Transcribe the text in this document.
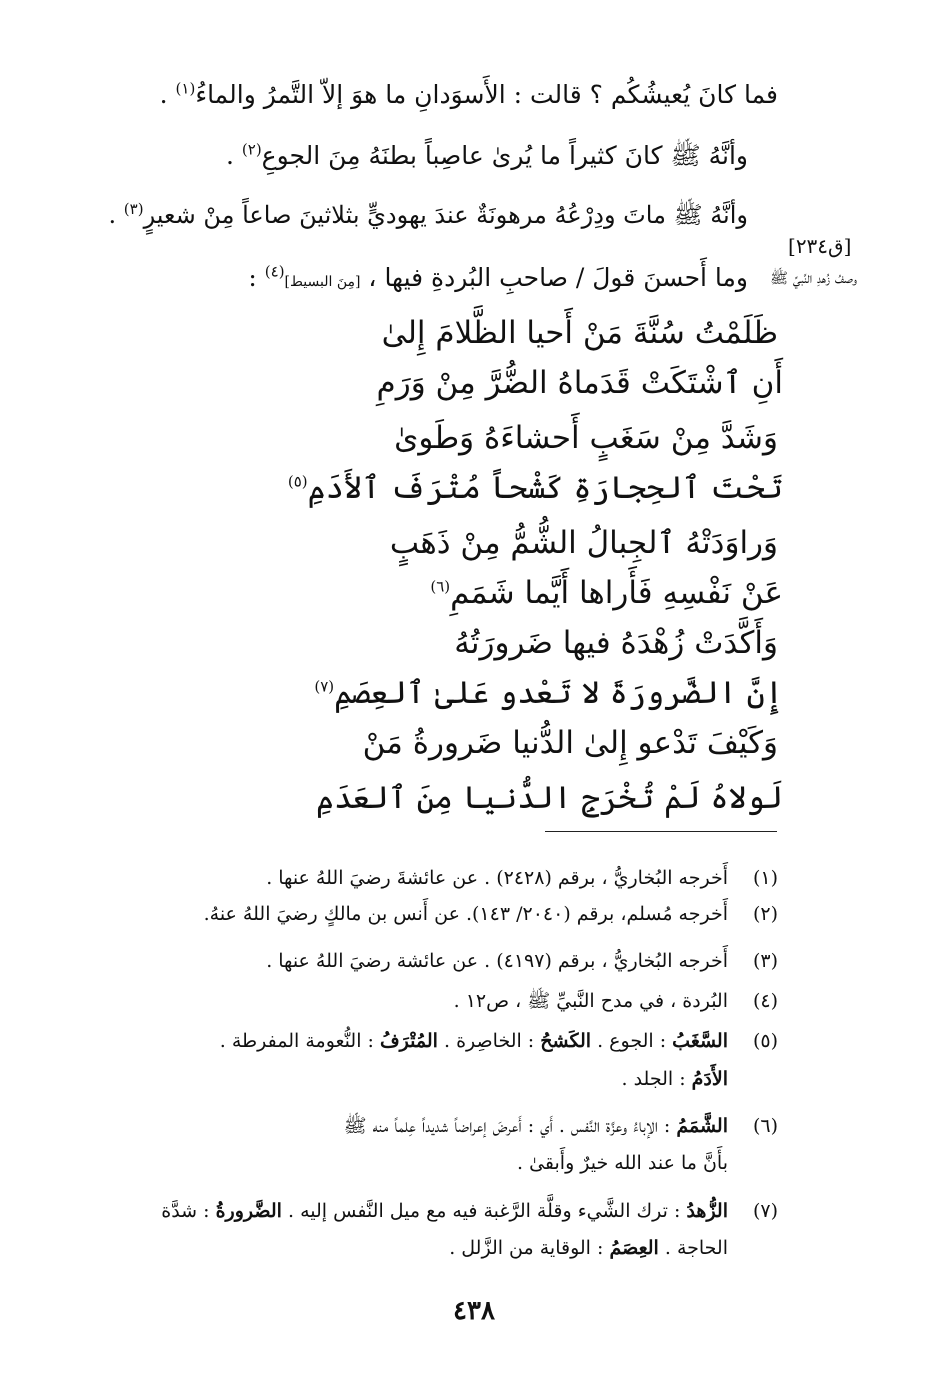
فما كانَ يُعيشُكُم ؟ قالت : الأَسوَدانِ ما هوَ إلاّ التَّمرُ والماءُ$^{(١)}$ .
وأنَّهُ ﷺ كانَ كثيراً ما يُرىٰ عاصِباً بطنَهُ مِنَ الجوعِ$^{(٢)}$ .
وأنَّهُ ﷺ ماتَ ودِرْعُهُ مرهونَةٌ عندَ يهوديٍّ بثلاثينَ صاعاً مِنْ شعيرٍ$^{(٣)}$ .
وما أَحسنَ قولَ / صاحبِ البُردةِ فيها ، [مِنَ البسيط]$^{(٤)}$ :
[ق٢٣٤]
وصفُ زُهدِ النَّبيِّ ﷺ
ظَلَمْتُ سُنَّةَ مَنْ أَحيا الظَّلامَ إِلىٰ
أَنِ ٱشْتَكَتْ قَدَماهُ الضُّرَّ مِنْ وَرَمِ
وَشَدَّ مِنْ سَغَبٍ أَحشاءَهُ وَطَوىٰ
تَحْتَ ٱلحِجارَةِ كَشْحاً مُتْرَفَ ٱلأَدَمِ$^{(٥)}$
وَراوَدَتْهُ ٱلجِبالُ الشُّمُّ مِنْ ذَهَبٍ
عَنْ نَفْسِهِ فَأَراها أَيَّما شَمَمِ$^{(٦)}$
وَأَكَّدَتْ زُهْدَهُ فيها ضَرورَتُهُ
إِنَّ الضَّرورَةَ لا تَعْدو عَلىٰ ٱلعِصَمِ$^{(٧)}$
وَكَيْفَ تَدْعو إِلىٰ الدُّنيا ضَرورةُ مَنْ
لَولاهُ لَمْ تُخْرَجِ الدُّنيا مِنَ ٱلعَدَمِ
(١)أَخرجه البُخاريُّ ، برقم (٢٤٢٨) . عن عائشةَ رضيَ اللهُ عنها .
(٢)أَخرجه مُسلم، برقم (٢٠٤٠/ ١٤٣). عن أَنس بن مالكٍ رضيَ اللهُ عنهُ.
(٣)أَخرجه البُخاريُّ ، برقم (٤١٩٧) . عن عائشة رضيَ اللهُ عنها .
(٤)البُردة ، في مدح النَّبيِّ ﷺ ، ص١٢ .
(٥)السَّغَبُ : الجوع . الكَشحُ : الخاصِرة . المُتْرَفُ : النُّعومة المفرطة .
الأَدَمُ : الجلد .
(٦)الشَّمَمُ : الإباءُ وعزَّة النَّفس . أَي : أَعرضَ إعراضاً شديداً عِلماً منه ﷺ
بأَنَّ ما عند الله خيرٌ وأَبقىٰ .
(٧)الزُّهدُ : ترك الشَّيء وقلَّة الرَّغبة فيه مع ميل النَّفس إليه . الضَّرورةُ : شدَّة
الحاجة . العِصَمُ : الوقاية من الزَّلل .
٤٣٨
